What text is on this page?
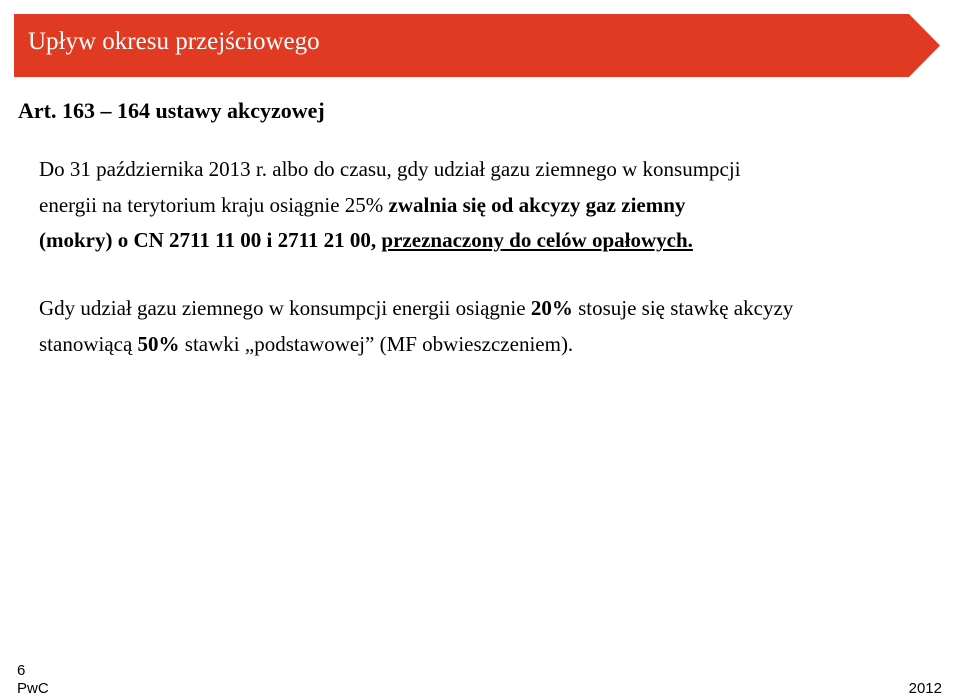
Upływ okresu przejściowego
Art. 163 – 164 ustawy akcyzowej
Do 31 października 2013 r. albo do czasu, gdy udział gazu ziemnego w konsumpcji
energii na terytorium kraju osiągnie 25% zwalnia się od akcyzy gaz ziemny
(mokry) o CN 2711 11 00 i 2711 21 00, przeznaczony do celów opałowych.
Gdy udział gazu ziemnego w konsumpcji energii osiągnie 20% stosuje się stawkę akcyzy
stanowiącą 50% stawki „podstawowej” (MF obwieszczeniem).
6
PwC	2012
